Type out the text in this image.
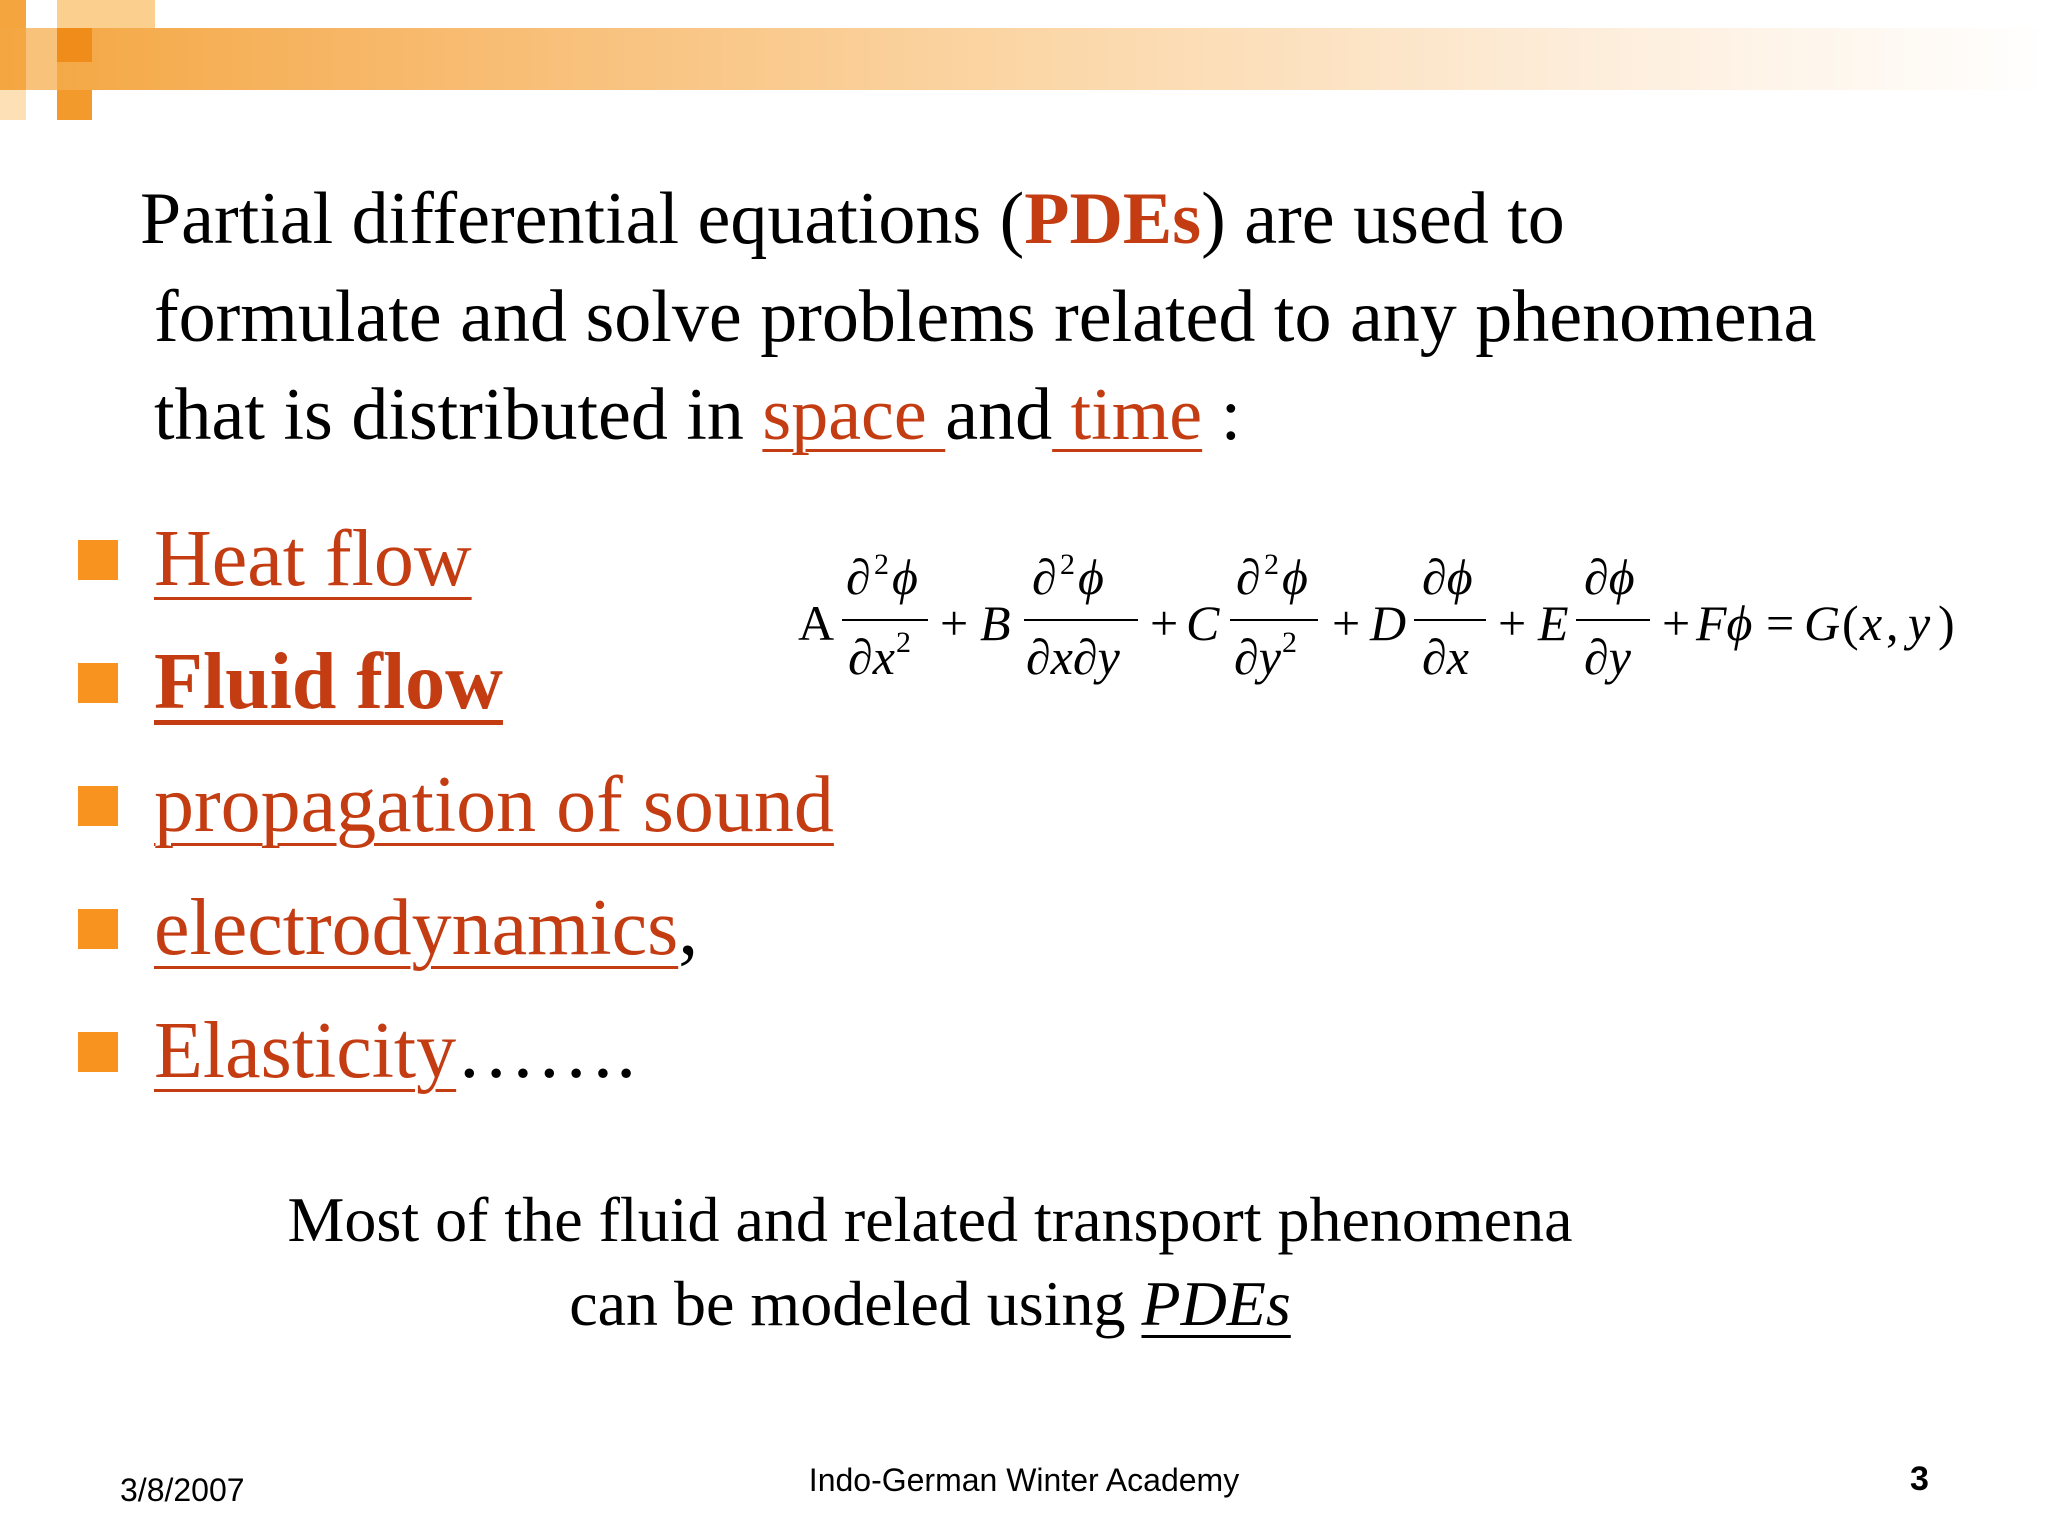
Partial differential equations (PDEs) are used to
formulate and solve problems related to any phenomena
that is distributed in space and time :
Heat flow
Fluid flow
propagation of sound
electrodynamics ,
Elasticity …….
A
∂ 2 ϕ
∂x 2 + B
∂ 2 ϕ
∂x∂y
+ C
∂ 2 ϕ
∂y 2 + D
∂ϕ
∂x
+ E
∂ϕ
∂y
+ Fϕ = G ( x , y )
Most of the fluid and related transport phenomena
can be modeled using PDEs
3/8/2007	Indo-German Winter Academy	3
